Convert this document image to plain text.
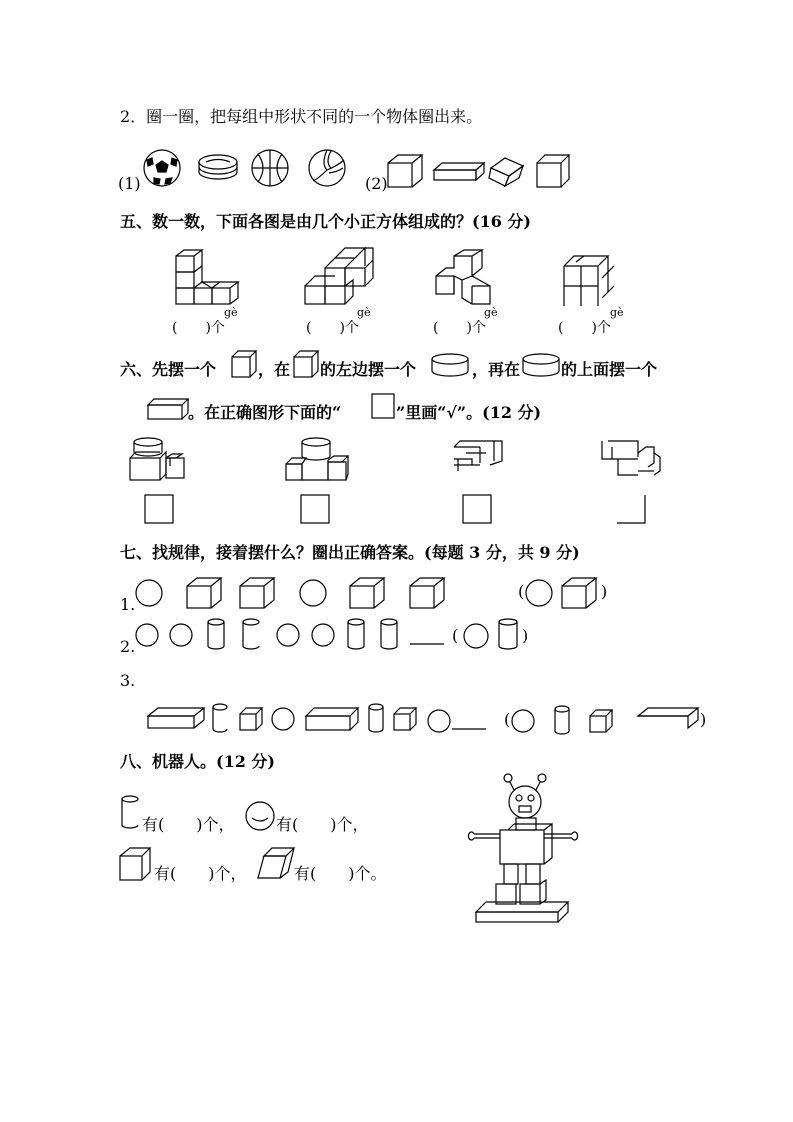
2．圈一圈，把每组中形状不同的一个物体圈出来。
(1)	(2)
五、数一数，下面各图是由几个小正方体组成的？(16 分)
gè
(　　)个
gè
(　　)个
gè
(　　)个
gè
(　　)个
六、先摆一个	，在 的左边摆一个	，再在	的上面摆一个
。在正确图形下面的“	”里画“√”。(12 分)
七、找规律，接着摆什么？圈出正确答案。(每题 3 分，共 9 分)
1.
(	)
2.
(	)
3.
(	)
八、机器人。(12 分)
有(　　)个，	有(　　)个，
有(　　)个，	有(　　)个。
